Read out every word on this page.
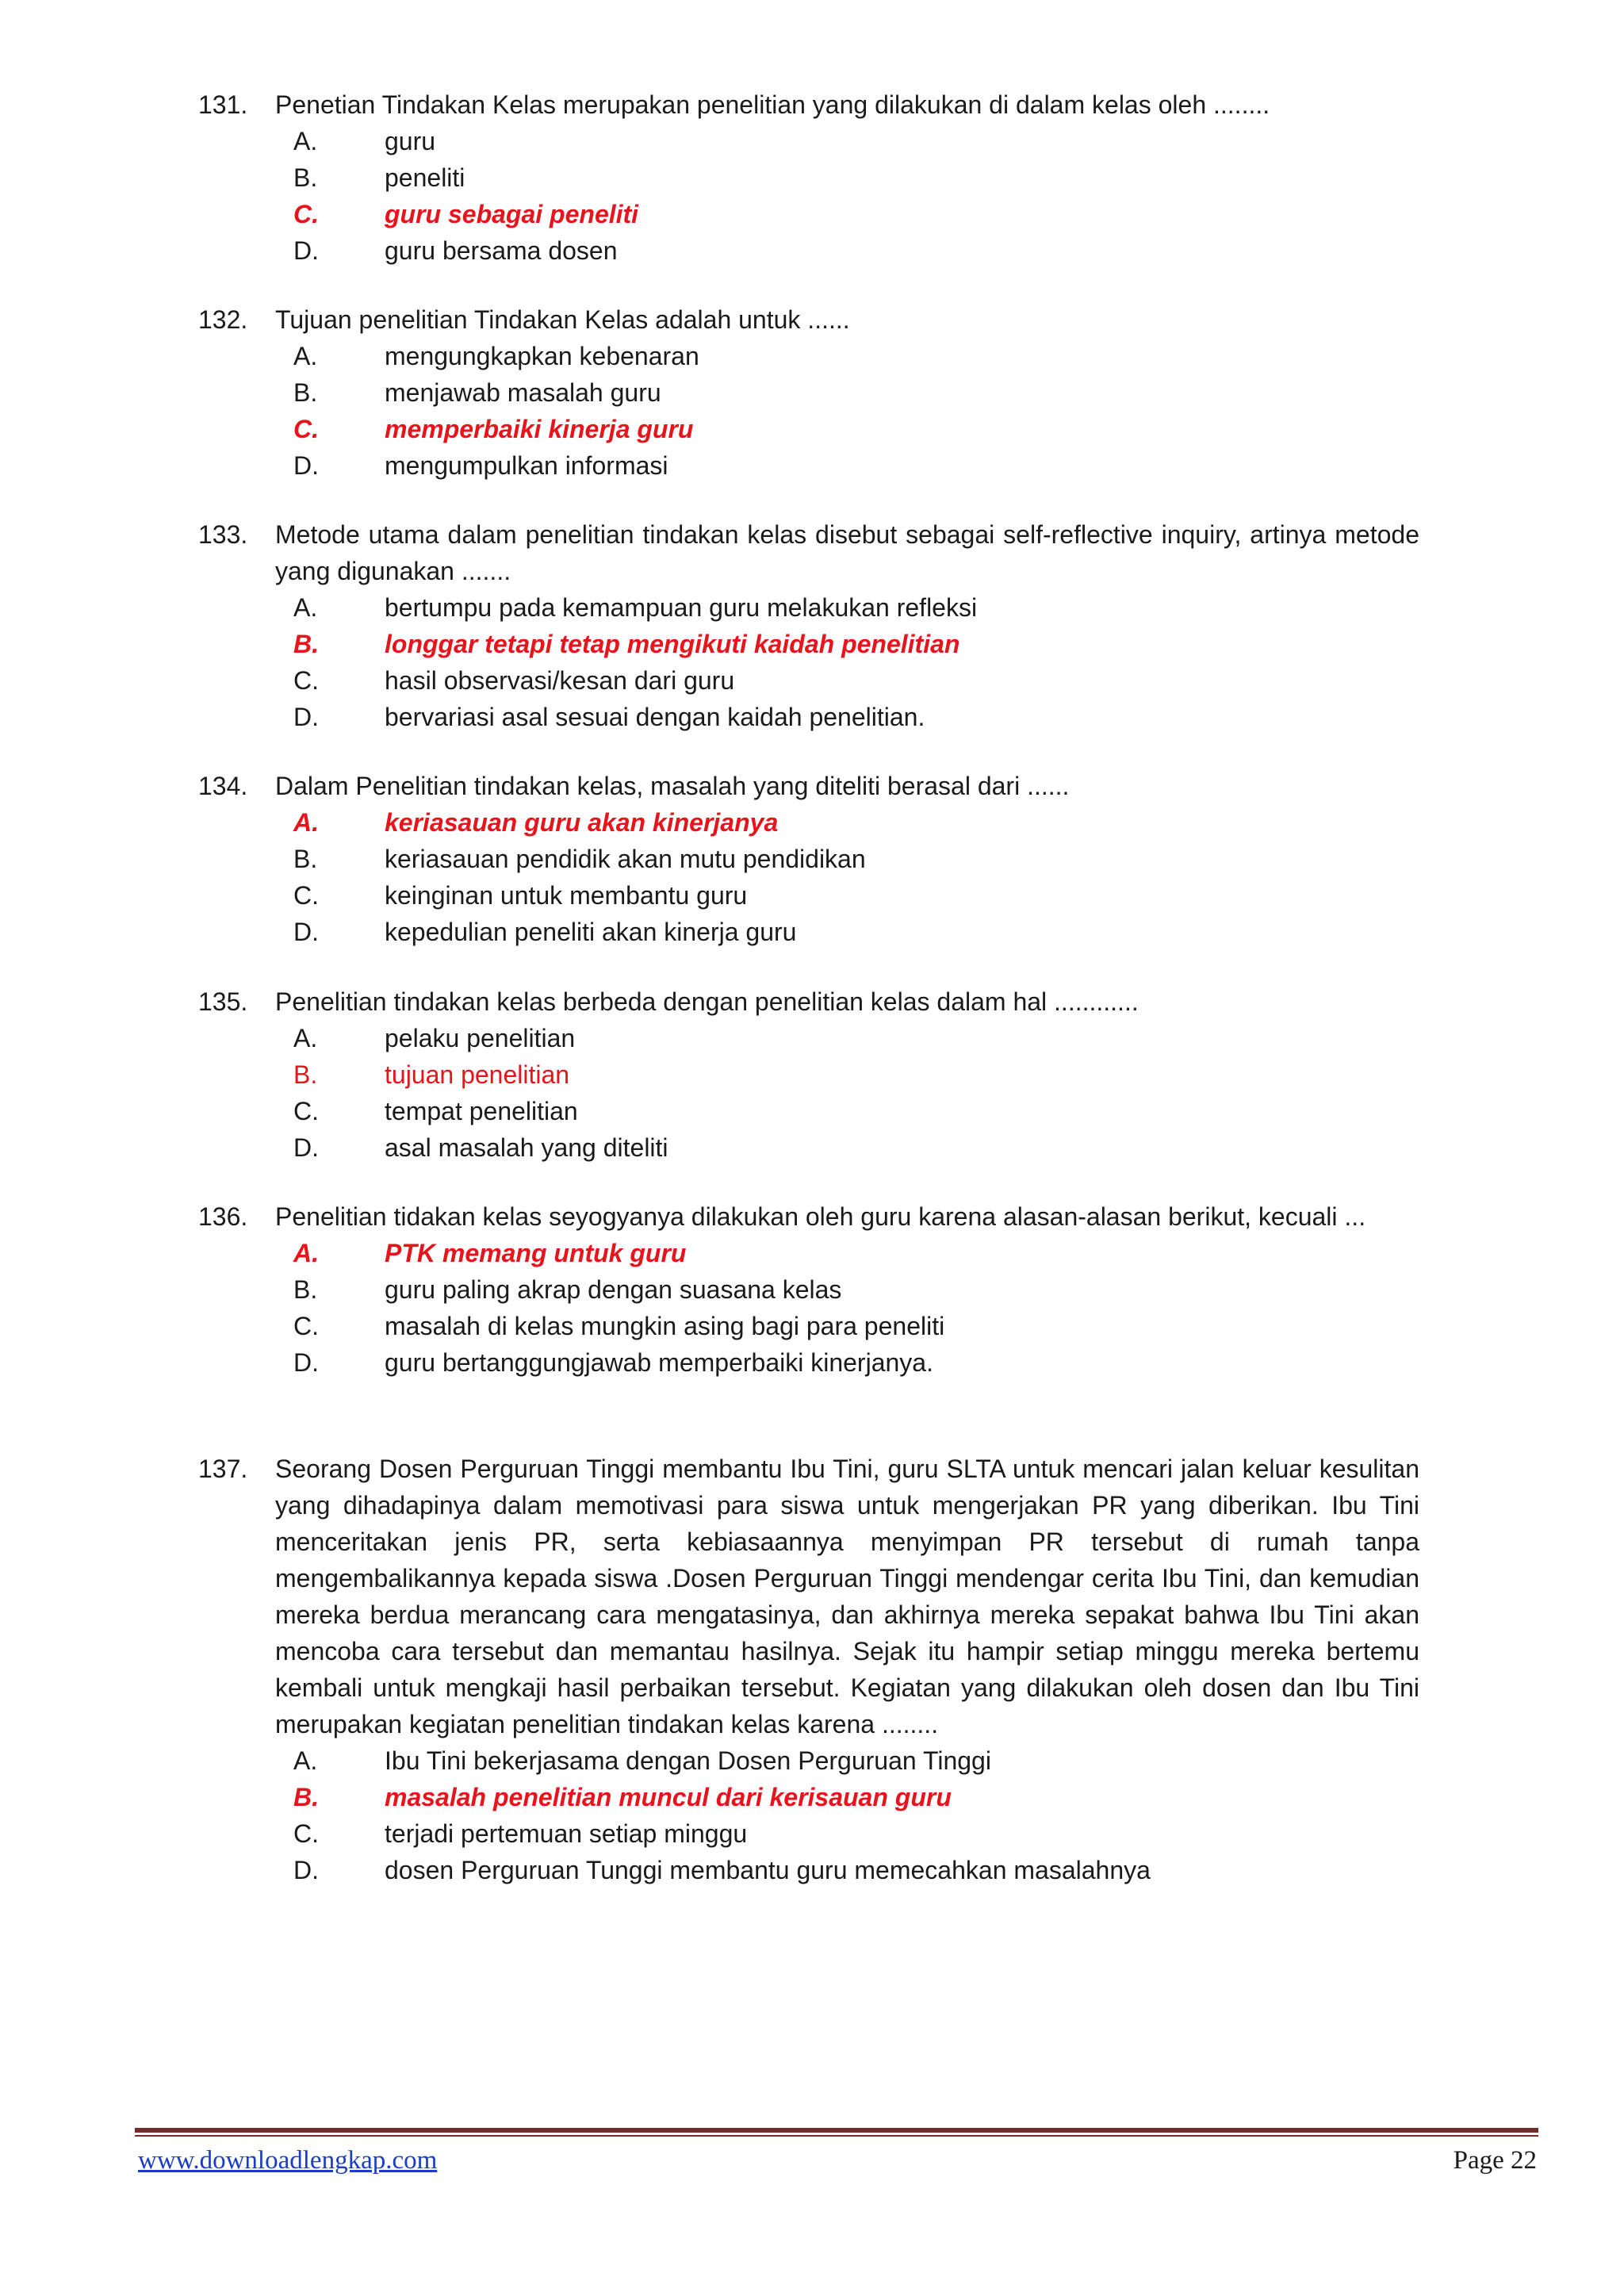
131.	Penetian Tindakan Kelas merupakan penelitian yang dilakukan di dalam kelas oleh ........
A.	guru
B.	peneliti
C.	guru sebagai peneliti
D.	guru bersama dosen
132.	Tujuan penelitian Tindakan Kelas adalah untuk ......
A.	mengungkapkan kebenaran
B.	menjawab masalah guru
C.	memperbaiki kinerja guru
D.	mengumpulkan informasi
133.	Metode utama dalam penelitian tindakan kelas disebut sebagai self-reflective inquiry, artinya metode yang digunakan .......
A.	bertumpu pada kemampuan guru melakukan refleksi
B.	longgar tetapi tetap mengikuti kaidah penelitian
C.	hasil observasi/kesan dari guru
D.	bervariasi asal sesuai dengan kaidah penelitian.
134.	Dalam Penelitian tindakan kelas, masalah yang diteliti berasal dari ......
A.	keriasauan guru akan kinerjanya
B.	keriasauan pendidik akan mutu pendidikan
C.	keinginan untuk membantu guru
D.	kepedulian peneliti akan kinerja guru
135.	Penelitian tindakan kelas berbeda dengan penelitian kelas dalam hal ............
A.	pelaku penelitian
B.	tujuan penelitian
C.	tempat penelitian
D.	asal masalah yang diteliti
136.	Penelitian tidakan kelas seyogyanya dilakukan oleh guru karena alasan-alasan berikut, kecuali ...
A.	PTK memang untuk guru
B.	guru paling akrap dengan suasana kelas
C.	masalah di kelas mungkin asing bagi para peneliti
D.	guru bertanggungjawab memperbaiki kinerjanya.
137.	Seorang Dosen Perguruan Tinggi membantu Ibu Tini, guru SLTA untuk mencari jalan keluar kesulitan yang dihadapinya dalam memotivasi para siswa untuk mengerjakan PR yang diberikan. Ibu Tini menceritakan jenis PR, serta kebiasaannya menyimpan PR tersebut di rumah tanpa mengembalikannya kepada siswa .Dosen Perguruan Tinggi mendengar cerita Ibu Tini, dan kemudian mereka berdua merancang cara mengatasinya, dan akhirnya mereka sepakat bahwa Ibu Tini akan mencoba cara tersebut dan memantau hasilnya. Sejak itu hampir setiap minggu mereka bertemu kembali untuk mengkaji hasil perbaikan tersebut. Kegiatan yang dilakukan oleh dosen dan Ibu Tini merupakan kegiatan penelitian tindakan kelas karena ........
A.	Ibu Tini bekerjasama dengan Dosen Perguruan Tinggi
B.	masalah penelitian muncul dari kerisauan guru
C.	terjadi pertemuan setiap minggu
D.	dosen Perguruan Tunggi membantu guru memecahkan masalahnya
www.downloadlengkap.com	Page 22
